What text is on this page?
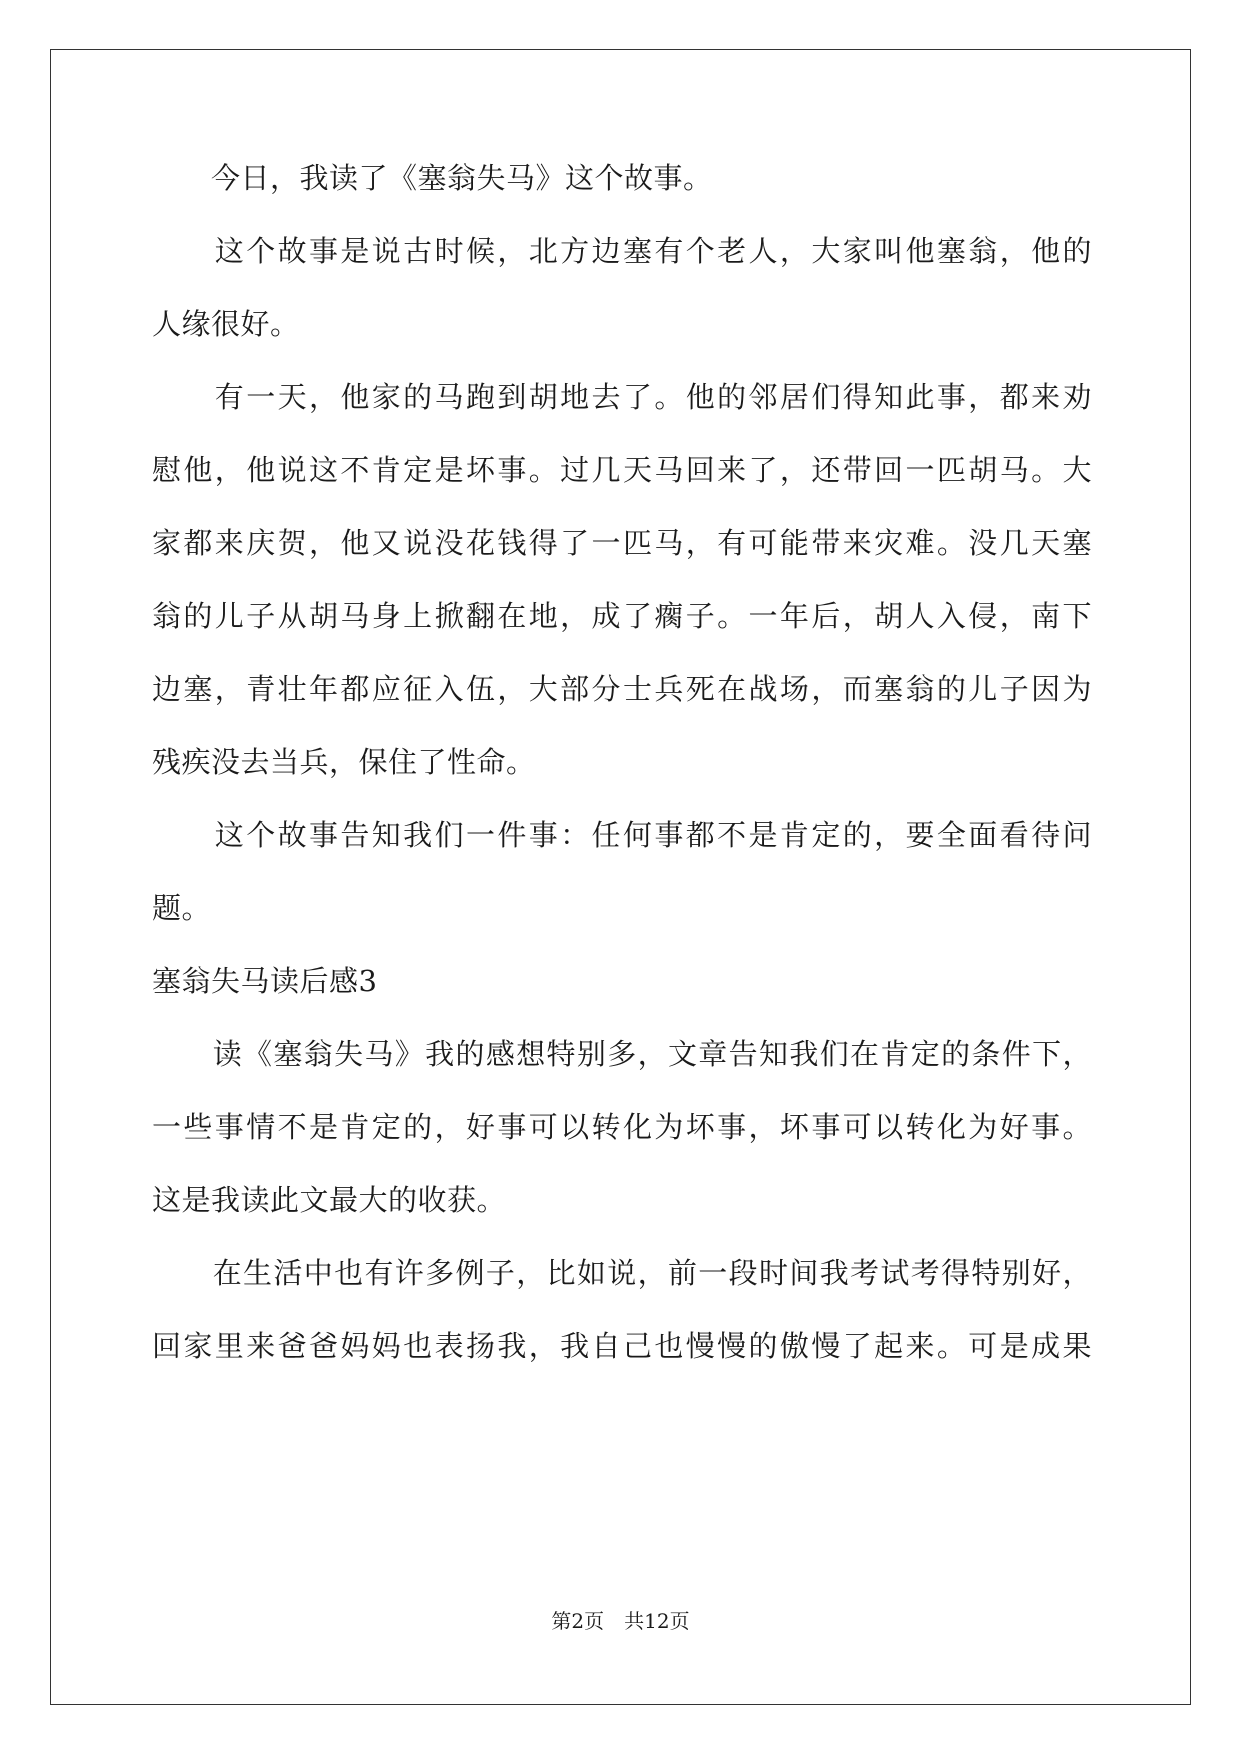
　　今日，我读了《塞翁失马》这个故事。
　　这个故事是说古时候，北方边塞有个老人，大家叫他塞翁，他的
人缘很好。
　　有一天，他家的马跑到胡地去了。他的邻居们得知此事，都来劝
慰他，他说这不肯定是坏事。过几天马回来了，还带回一匹胡马。大
家都来庆贺，他又说没花钱得了一匹马，有可能带来灾难。没几天塞
翁的儿子从胡马身上掀翻在地，成了瘸子。一年后，胡人入侵，南下
边塞，青壮年都应征入伍，大部分士兵死在战场，而塞翁的儿子因为
残疾没去当兵，保住了性命。
　　这个故事告知我们一件事：任何事都不是肯定的，要全面看待问
题。
塞翁失马读后感3
　　读《塞翁失马》我的感想特别多，文章告知我们在肯定的条件下，
一些事情不是肯定的，好事可以转化为坏事，坏事可以转化为好事。
这是我读此文最大的收获。
　　在生活中也有许多例子，比如说，前一段时间我考试考得特别好，
回家里来爸爸妈妈也表扬我，我自己也慢慢的傲慢了起来。可是成果
第2页 共12页
